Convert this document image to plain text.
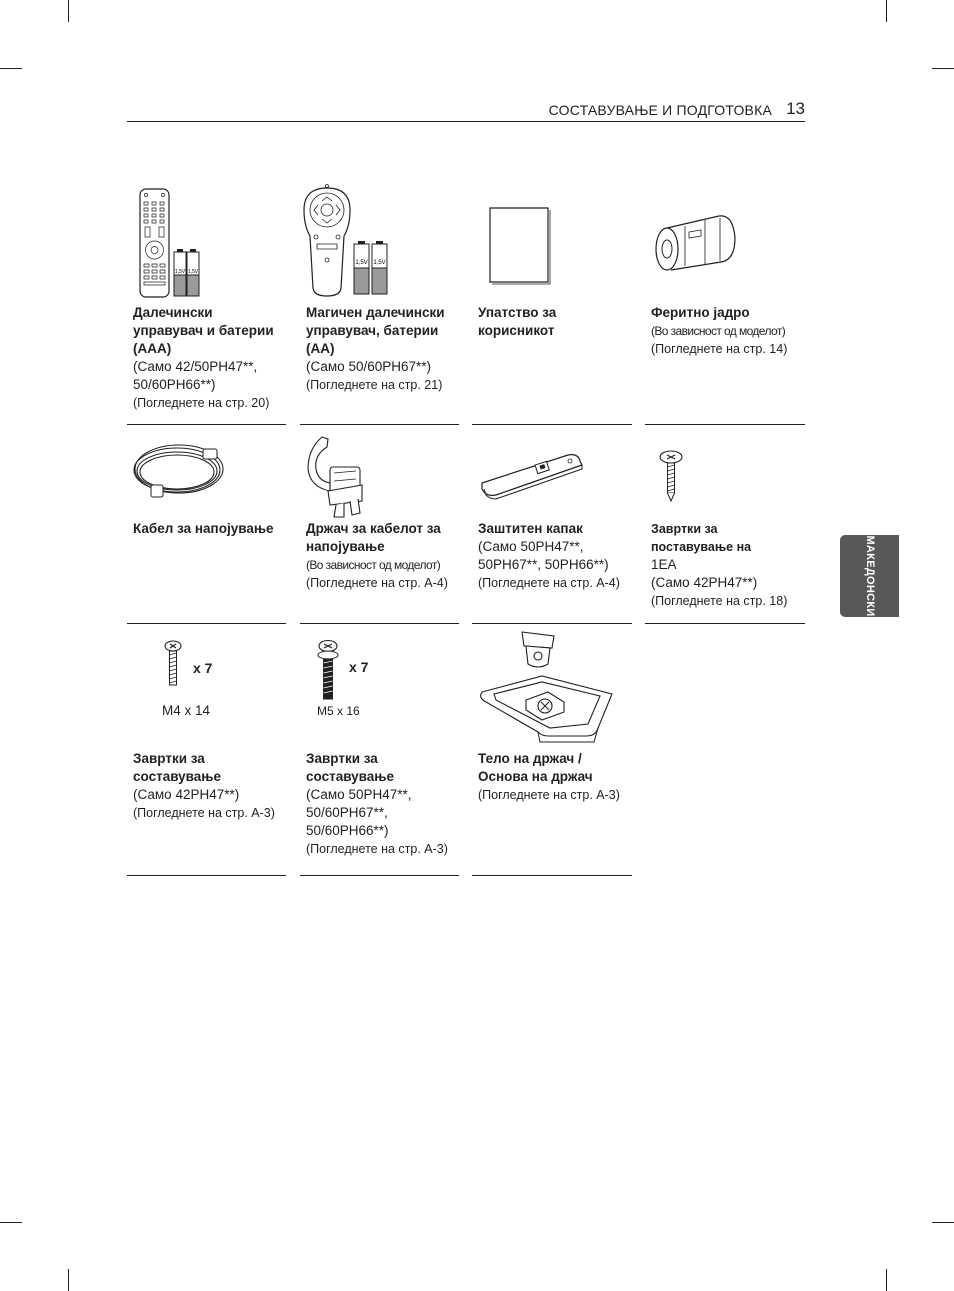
СОСТАВУВАЊЕ И ПОДГОТОВКА 13
МАКЕДОНСКИ
1,5V 1,5V
Далечински управувач и батерии (AAA)
(Само 42/50PH47**, 50/60PH66**)
(Погледнете на стр. 20)
1,5V 1,5V
Магичен далечински управувач, батерии (AA)
(Само 50/60PH67**)
(Погледнете на стр. 21)
Упатство за корисникот
Феритно јадро
(Во зависност од моделот)
(Погледнете на стр. 14)
Кабел за напојување	Држач за кабелот за напојување
(Во зависност од моделот)
(Погледнете на стр. A-4)
Заштитен капак
(Само 50PH47**, 50PH67**, 50PH66**)
(Погледнете на стр. A-4)
Завртки за
поставување на
1EA
(Само 42PH47**)
(Погледнете на стр. 18)
x 7
M4 x 14
Завртки за составување
(Само 42PH47**)
(Погледнете на стр. A-3)
x 7
M5 x 16
Завртки за составување
(Само 50PH47**, 50/60PH67**, 50/60PH66**)
(Погледнете на стр. A-3)
Тело на држач / Основа на држач
(Погледнете на стр. A-3)
